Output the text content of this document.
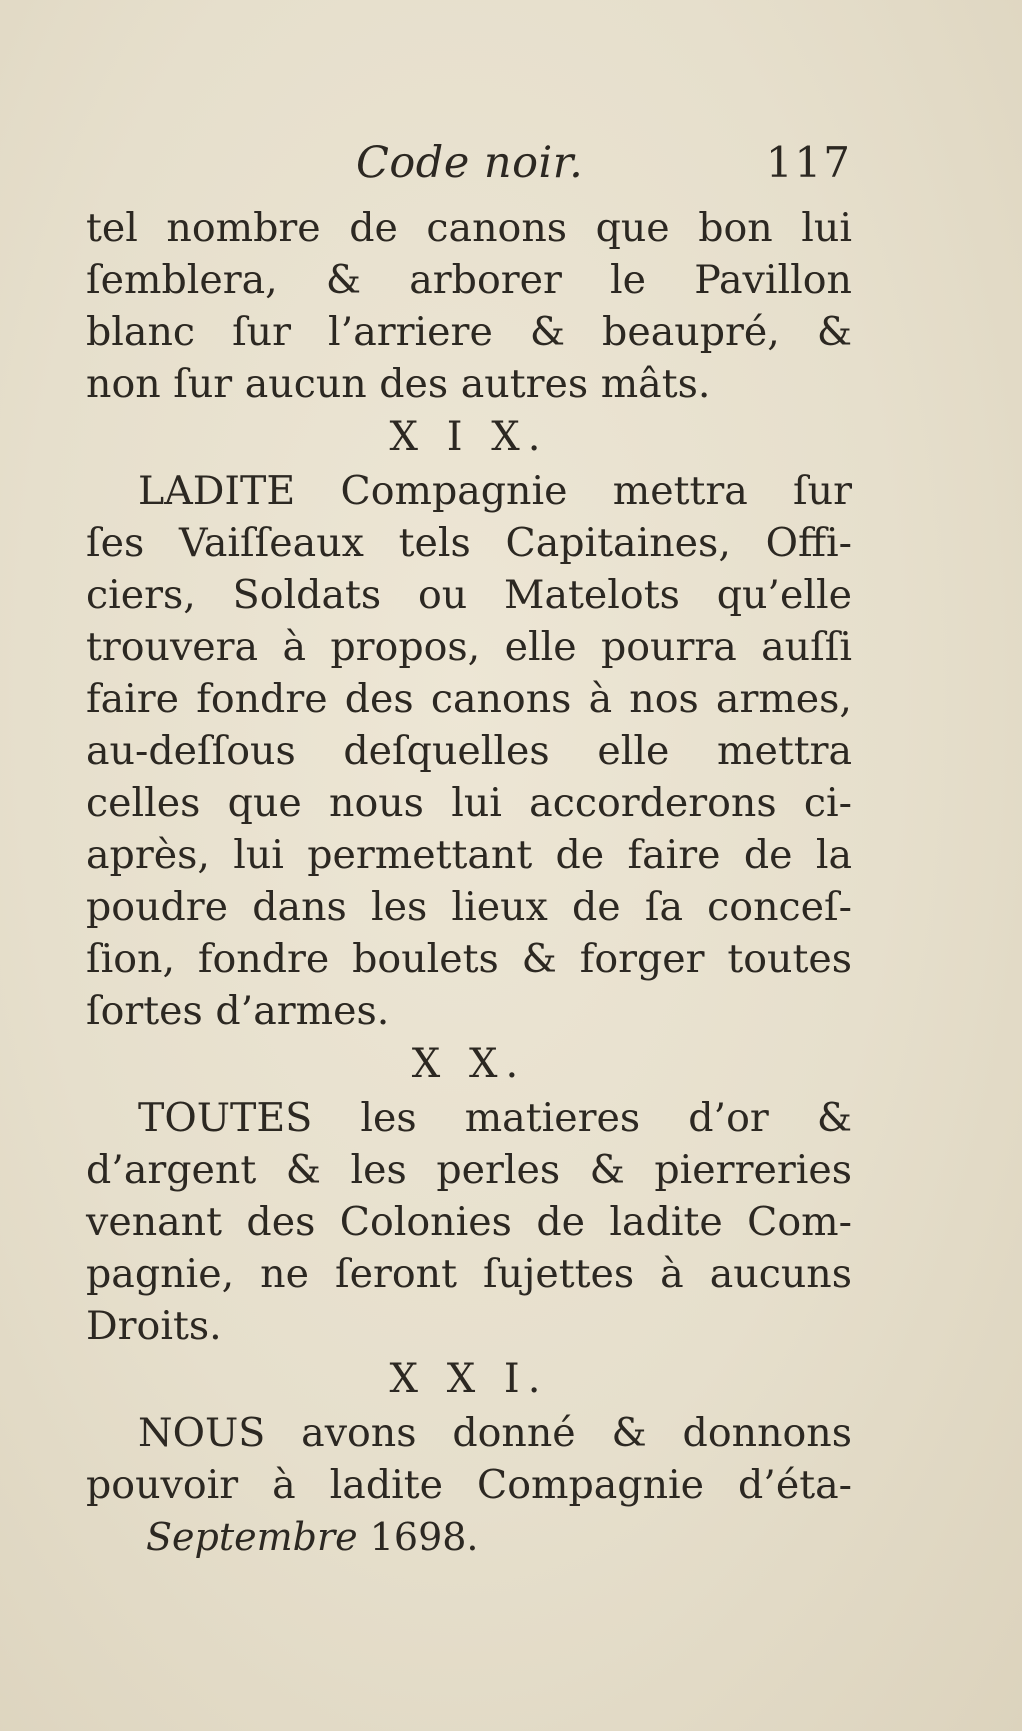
Code noir.	117
tel nombre de canons que bon lui
ſemblera, & arborer le Pavillon
blanc ſur l’arriere & beaupré, &
non ſur aucun des autres mâts.
X I X.
LADITE Compagnie mettra ſur
ſes Vaiſſeaux tels Capitaines, Offi-
ciers, Soldats ou Matelots qu’elle
trouvera à propos, elle pourra auſſi
faire fondre des canons à nos armes,
au-deſſous deſquelles elle mettra
celles que nous lui accorderons ci-
après, lui permettant de faire de la
poudre dans les lieux de ſa conceſ-
ſion, fondre boulets & forger toutes
ſortes d’armes.
X X.
TOUTES les matieres d’or &
d’argent & les perles & pierreries
venant des Colonies de ladite Com-
pagnie, ne ſeront ſujettes à aucuns
Droits.
X X I.
NOUS avons donné & donnons
pouvoir à ladite Compagnie d’éta-
Septembre 1698.
